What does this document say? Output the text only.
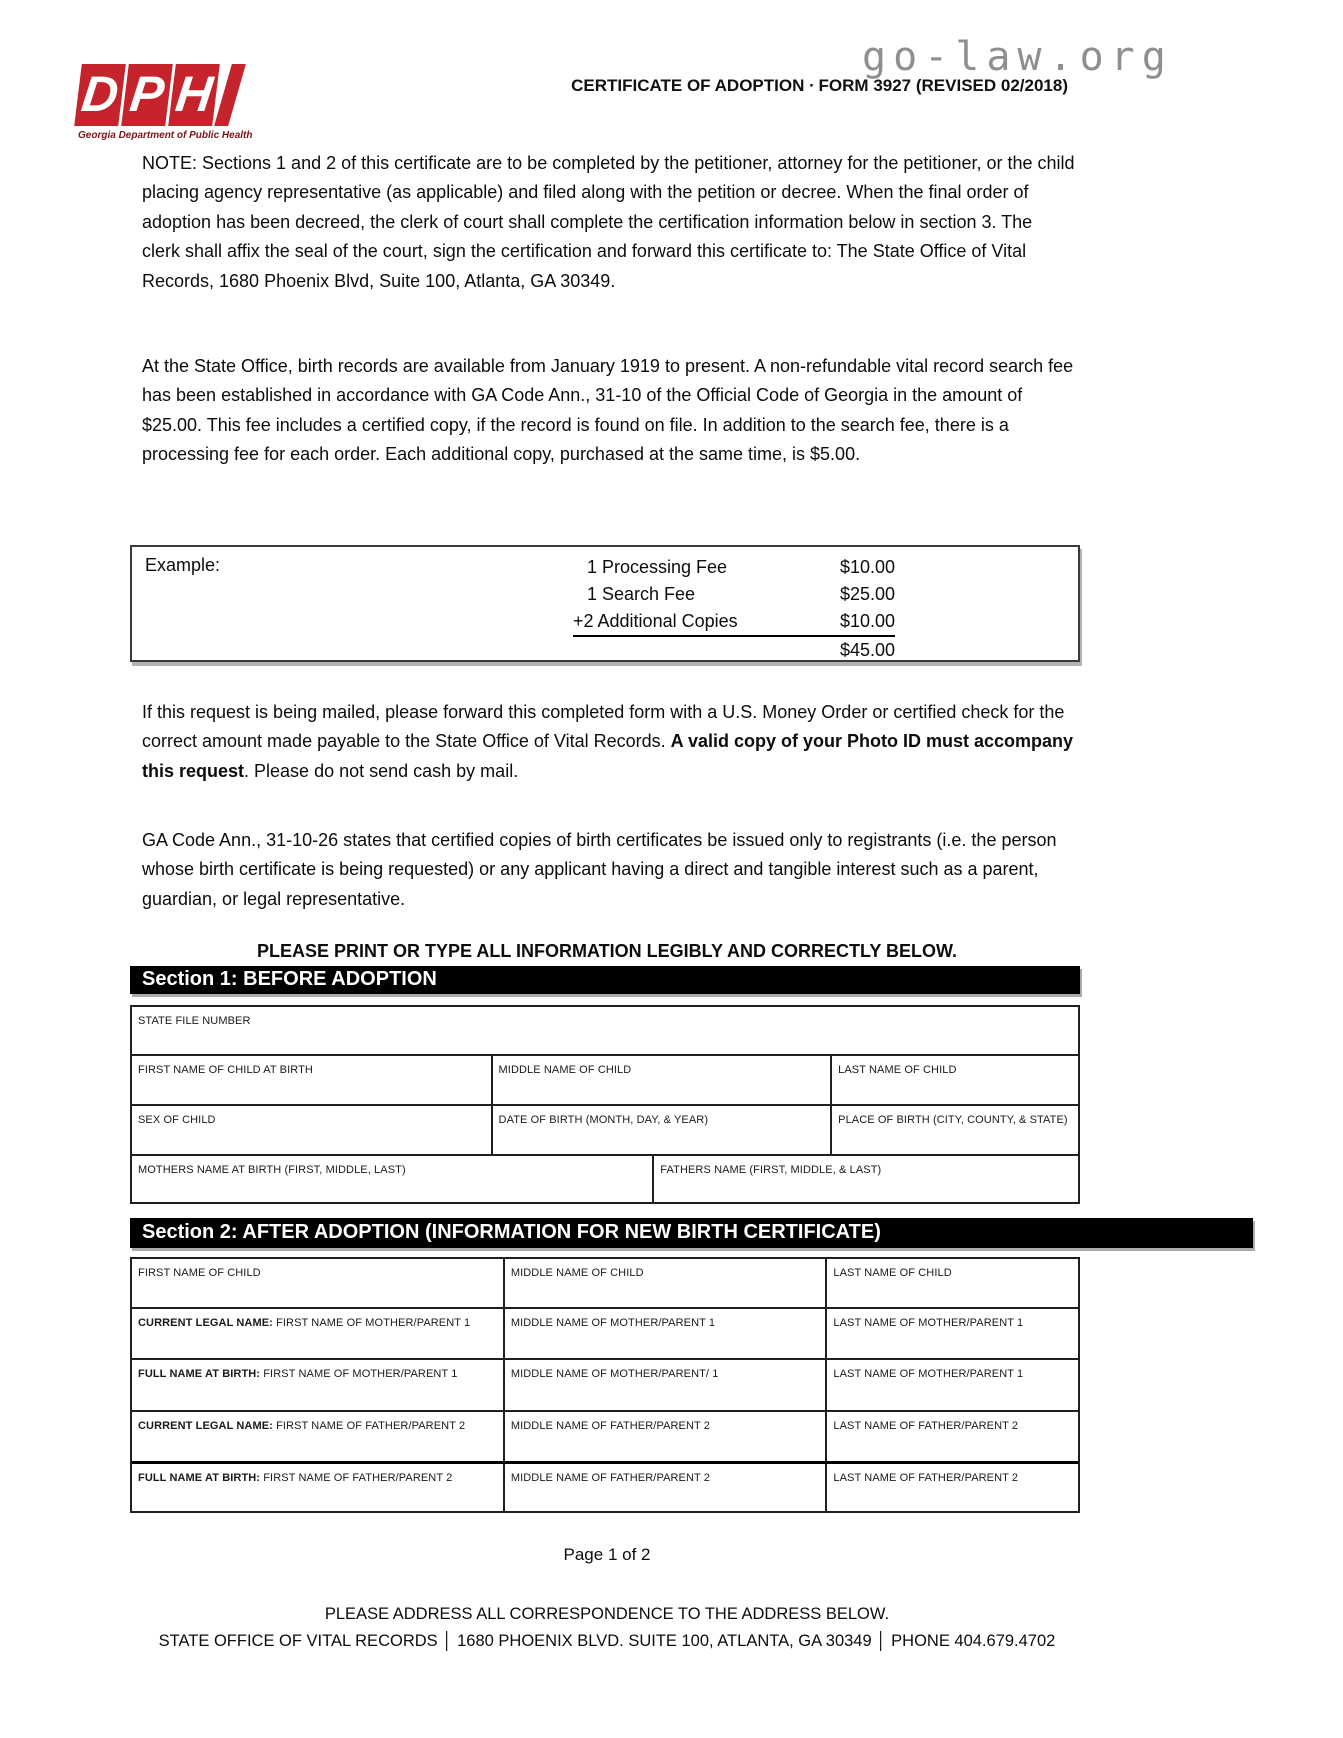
go-law.org
D P H
Georgia Department of Public Health
CERTIFICATE OF ADOPTION ∙ FORM 3927 (REVISED 02/2018)
NOTE: Sections 1 and 2 of this certificate are to be completed by the petitioner, attorney for the petitioner, or the child placing agency representative (as applicable) and filed along with the petition or decree. When the final order of adoption has been decreed, the clerk of court shall complete the certification information below in section 3. The clerk shall affix the seal of the court, sign the certification and forward this certificate to: The State Office of Vital Records, 1680 Phoenix Blvd, Suite 100, Atlanta, GA 30349.
At the State Office, birth records are available from January 1919 to present. A non-refundable vital record search fee has been established in accordance with GA Code Ann., 31-10 of the Official Code of Georgia in the amount of $25.00. This fee includes a certified copy, if the record is found on file. In addition to the search fee, there is a processing fee for each order. Each additional copy, purchased at the same time, is $5.00.
Example:	1 Processing Fee	$10.00
1 Search Fee	$25.00
+2 Additional Copies	$10.00
$45.00
If this request is being mailed, please forward this completed form with a U.S. Money Order or certified check for the correct amount made payable to the State Office of Vital Records. A valid copy of your Photo ID must accompany this request. Please do not send cash by mail.
GA Code Ann., 31-10-26 states that certified copies of birth certificates be issued only to registrants (i.e. the person whose birth certificate is being requested) or any applicant having a direct and tangible interest such as a parent, guardian, or legal representative.
PLEASE PRINT OR TYPE ALL INFORMATION LEGIBLY AND CORRECTLY BELOW.
Section 1: BEFORE ADOPTION
STATE FILE NUMBER
FIRST NAME OF CHILD AT BIRTH	MIDDLE NAME OF CHILD	LAST NAME OF CHILD
SEX OF CHILD	DATE OF BIRTH (MONTH, DAY, & YEAR)	PLACE OF BIRTH (CITY, COUNTY, & STATE)
MOTHERS NAME AT BIRTH (FIRST, MIDDLE, LAST)	FATHERS NAME (FIRST, MIDDLE, & LAST)
Section 2: AFTER ADOPTION (INFORMATION FOR NEW BIRTH CERTIFICATE)
FIRST NAME OF CHILD	MIDDLE NAME OF CHILD	LAST NAME OF CHILD
CURRENT LEGAL NAME: FIRST NAME OF MOTHER/PARENT 1	MIDDLE NAME OF MOTHER/PARENT 1	LAST NAME OF MOTHER/PARENT 1
FULL NAME AT BIRTH: FIRST NAME OF MOTHER/PARENT 1	MIDDLE NAME OF MOTHER/PARENT/ 1	LAST NAME OF MOTHER/PARENT 1
CURRENT LEGAL NAME: FIRST NAME OF FATHER/PARENT 2	MIDDLE NAME OF FATHER/PARENT 2	LAST NAME OF FATHER/PARENT 2
FULL NAME AT BIRTH: FIRST NAME OF FATHER/PARENT 2	MIDDLE NAME OF FATHER/PARENT 2	LAST NAME OF FATHER/PARENT 2
Page 1 of 2
PLEASE ADDRESS ALL CORRESPONDENCE TO THE ADDRESS BELOW.
STATE OFFICE OF VITAL RECORDS │ 1680 PHOENIX BLVD. SUITE 100, ATLANTA, GA 30349 │ PHONE 404.679.4702
